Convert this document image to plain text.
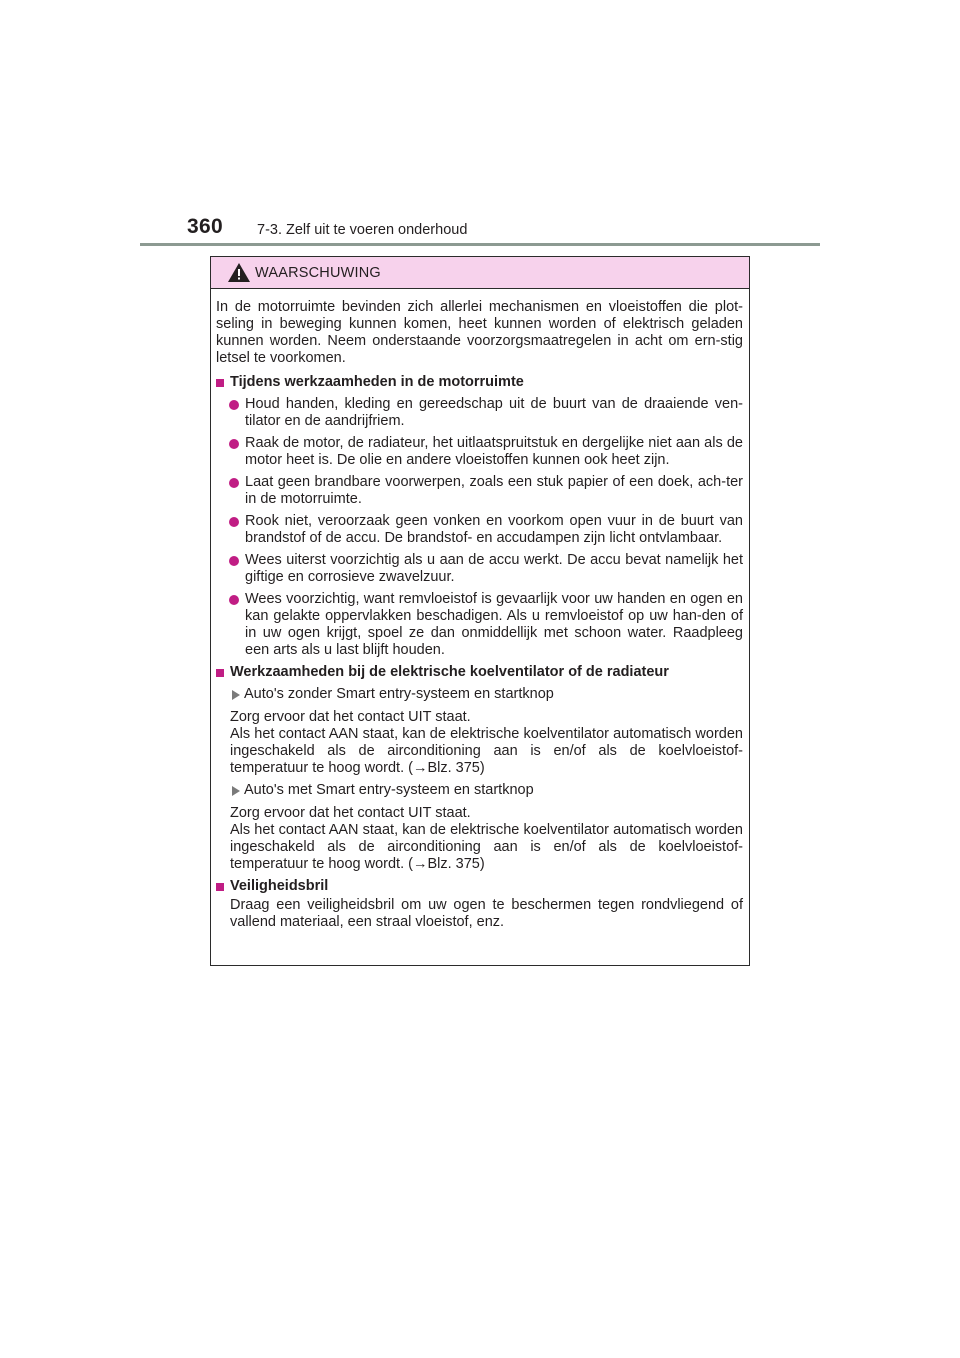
360 7-3. Zelf uit te voeren onderhoud
WAARSCHUWING

In de motorruimte bevinden zich allerlei mechanismen en vloeistoffen die plot-seling in beweging kunnen komen, heet kunnen worden of elektrisch geladen kunnen worden. Neem onderstaande voorzorgsmaatregelen in acht om ern-stig letsel te voorkomen.

Tijdens werkzaamheden in de motorruimte
Houd handen, kleding en gereedschap uit de buurt van de draaiende ven-tilator en de aandrijfriem.
Raak de motor, de radiateur, het uitlaatspruitstuk en dergelijke niet aan als de motor heet is. De olie en andere vloeistoffen kunnen ook heet zijn.
Laat geen brandbare voorwerpen, zoals een stuk papier of een doek, ach-ter in de motorruimte.
Rook niet, veroorzaak geen vonken en voorkom open vuur in de buurt van brandstof of de accu. De brandstof- en accudampen zijn licht ontvlambaar.
Wees uiterst voorzichtig als u aan de accu werkt. De accu bevat namelijk het giftige en corrosieve zwavelzuur.
Wees voorzichtig, want remvloeistof is gevaarlijk voor uw handen en ogen en kan gelakte oppervlakken beschadigen. Als u remvloeistof op uw han-den of in uw ogen krijgt, spoel ze dan onmiddellijk met schoon water. Raadpleeg een arts als u last blijft houden.
Werkzaamheden bij de elektrische koelventilator of de radiateur
Auto's zonder Smart entry-systeem en startknop

Zorg ervoor dat het contact UIT staat.

Als het contact AAN staat, kan de elektrische koelventilator automatisch worden ingeschakeld als de airconditioning aan is en/of als de koelvloeistof-temperatuur te hoog wordt. (→Blz. 375)

Auto's met Smart entry-systeem en startknop

Zorg ervoor dat het contact UIT staat.

Als het contact AAN staat, kan de elektrische koelventilator automatisch worden ingeschakeld als de airconditioning aan is en/of als de koelvloeistof-temperatuur te hoog wordt. (→Blz. 375)

Veiligheidsbril

Draag een veiligheidsbril om uw ogen te beschermen tegen rondvliegend of vallend materiaal, een straal vloeistof, enz.
